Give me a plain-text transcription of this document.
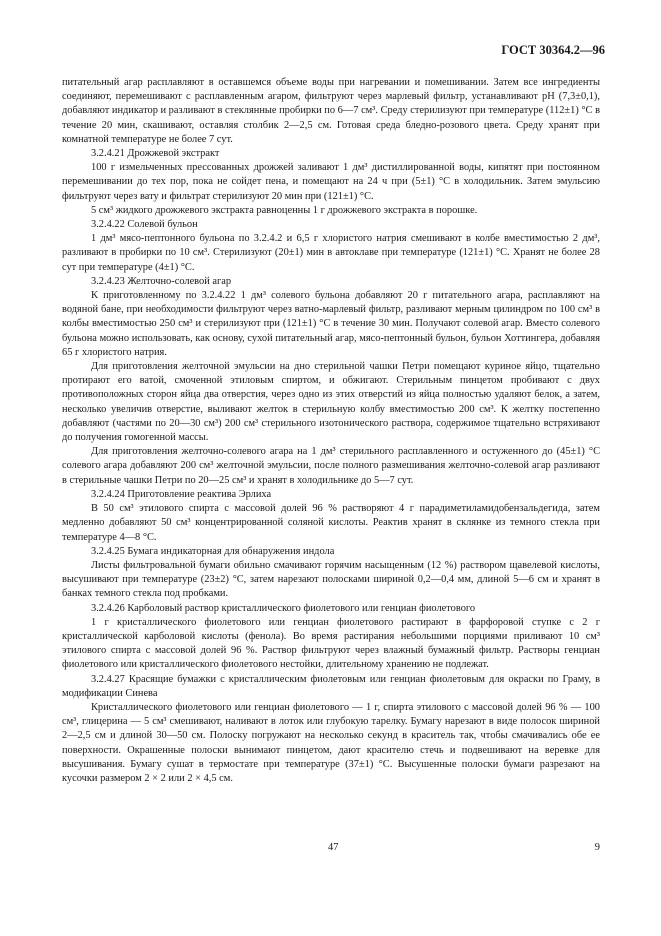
ГОСТ 30364.2—96

питательный агар расплавляют в оставшемся объеме воды при нагревании и помешивании. Затем все ингредиенты соединяют, перемешивают с расплавленным агаром, фильтруют через марлевый фильтр, устанавливают pH (7,3±0,1), добавляют индикатор и разливают в стеклянные пробирки по 6—7 см³. Среду стерилизуют при температуре (112±1) °С в течение 20 мин, скашивают, оставляя столбик 2—2,5 см. Готовая среда бледно-розового цвета. Среду хранят при комнатной температуре не более 7 сут.

3.2.4.21 Дрожжевой экстракт

100 г измельченных прессованных дрожжей заливают 1 дм³ дистиллированной воды, кипятят при постоянном перемешивании до тех пор, пока не сойдет пена, и помещают на 24 ч при (5±1) °С в холодильник. Затем эмульсию фильтруют через вату и фильтрат стерилизуют 20 мин при (121±1) °С.

5 см³ жидкого дрожжевого экстракта равноценны 1 г дрожжевого экстракта в порошке.

3.2.4.22 Солевой бульон

1 дм³ мясо-пептонного бульона по 3.2.4.2 и 6,5 г хлористого натрия смешивают в колбе вместимостью 2 дм³, разливают в пробирки по 10 см³. Стерилизуют (20±1) мин в автоклаве при температуре (121±1) °С. Хранят не более 28 сут при температуре (4±1) °С.

3.2.4.23 Желточно-солевой агар

К приготовленному по 3.2.4.22 1 дм³ солевого бульона добавляют 20 г питательного агара, расплавляют на водяной бане, при необходимости фильтруют через ватно-марлевый фильтр, разливают мерным цилиндром по 100 см³ в колбы вместимостью 250 см³ и стерилизуют при (121±1) °С в течение 30 мин. Получают солевой агар. Вместо солевого бульона можно использовать, как основу, сухой питательный агар, мясо-пептонный бульон, бульон Хоттингера, добавляя 65 г хлористого натрия.

Для приготовления желточной эмульсии на дно стерильной чашки Петри помещают куриное яйцо, тщательно протирают его ватой, смоченной этиловым спиртом, и обжигают. Стерильным пинцетом пробивают с двух противоположных сторон яйца два отверстия, через одно из этих отверстий из яйца полностью удаляют белок, а затем, несколько увеличив отверстие, выливают желток в стерильную колбу вместимостью 200 см³. К желтку постепенно добавляют (частями по 20—30 см³) 200 см³ стерильного изотонического раствора, содержимое тщательно встряхивают до получения гомогенной массы.

Для приготовления желточно-солевого агара на 1 дм³ стерильного расплавленного и остуженного до (45±1) °С солевого агара добавляют 200 см³ желточной эмульсии, после полного размешивания желточно-солевой агар разливают в стерильные чашки Петри по 20—25 см³ и хранят в холодильнике до 5—7 сут.

3.2.4.24 Приготовление реактива Эрлиха

В 50 см³ этилового спирта с массовой долей 96 % растворяют 4 г парадиметиламидобензальдегида, затем медленно добавляют 50 см³ концентрированной соляной кислоты. Реактив хранят в склянке из темного стекла при температуре 4—8 °С.

3.2.4.25 Бумага индикаторная для обнаружения индола

Листы фильтровальной бумаги обильно смачивают горячим насыщенным (12 %) раствором щавелевой кислоты, высушивают при температуре (23±2) °С, затем нарезают полосками шириной 0,2—0,4 мм, длиной 5—6 см и хранят в банках темного стекла под пробками.

3.2.4.26 Карболовый раствор кристаллического фиолетового или генциан фиолетового

1 г кристаллического фиолетового или генциан фиолетового растирают в фарфоровой ступке с 2 г кристаллической карболовой кислоты (фенола). Во время растирания небольшими порциями приливают 10 см³ этилового спирта с массовой долей 96 %. Раствор фильтруют через влажный бумажный фильтр. Растворы генциан фиолетового или кристаллического фиолетового нестойки, длительному хранению не подлежат.

3.2.4.27 Красящие бумажки с кристаллическим фиолетовым или генциан фиолетовым для окраски по Граму, в модификации Синева

Кристаллического фиолетового или генциан фиолетового — 1 г, спирта этилового с массовой долей 96 % — 100 см³, глицерина — 5 см³ смешивают, наливают в лоток или глубокую тарелку. Бумагу нарезают в виде полосок шириной 2—2,5 см и длиной 30—50 см. Полоску погружают на несколько секунд в краситель так, чтобы смачивались обе ее поверхности. Окрашенные полоски вынимают пинцетом, дают красителю стечь и подвешивают на веревке для высушивания. Бумагу сушат в термостате при температуре (37±1) °С. Высушенные полоски бумаги разрезают на кусочки размером 2 × 2 или 2 × 4,5 см.

47	9
